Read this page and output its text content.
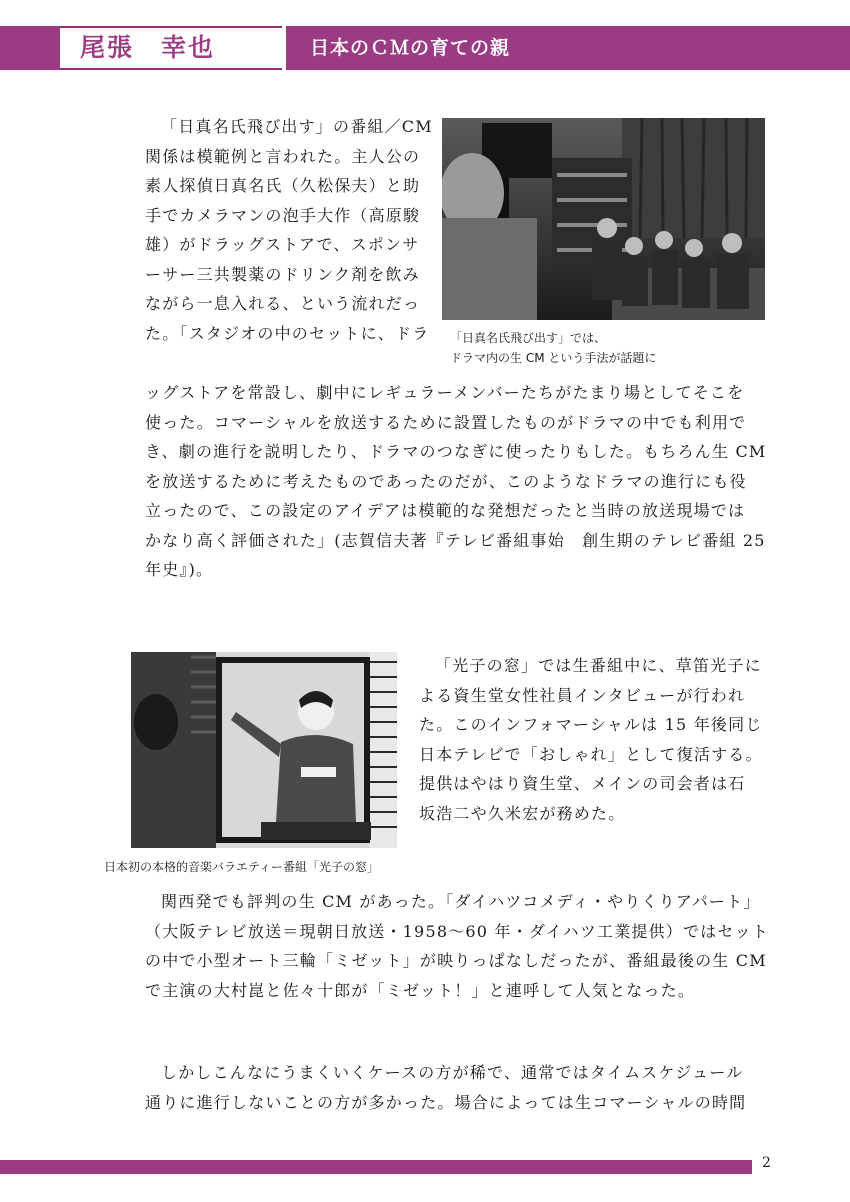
尾張　幸也	日本のＣＭの育ての親
「日真名氏飛び出す」の番組／CM
関係は模範例と言われた。主人公の
素人探偵日真名氏（久松保夫）と助
手でカメラマンの泡手大作（高原駿
雄）がドラッグストアで、スポンサ
ーサー三共製薬のドリンク剤を飲み
ながら一息入れる、という流れだっ
た。「スタジオの中のセットに、ドラ 「日真名氏飛び出す」では、
ドラマ内の生 CM という手法が話題に
ッグストアを常設し、劇中にレギュラーメンバーたちがたまり場としてそこを
使った。コマーシャルを放送するために設置したものがドラマの中でも利用で
き、劇の進行を説明したり、ドラマのつなぎに使ったりもした。もちろん生 CM
を放送するために考えたものであったのだが、このようなドラマの進行にも役
立ったので、この設定のアイデアは模範的な発想だったと当時の放送現場では
かなり高く評価された」(志賀信夫著『テレビ番組事始　創生期のテレビ番組 25
年史』)。
日本初の本格的音楽バラエティー番組「光子の窓」
「光子の窓」では生番組中に、草笛光子に
よる資生堂女性社員インタビューが行われ
た。このインフォマーシャルは 15 年後同じ
日本テレビで「おしゃれ」として復活する。
提供はやはり資生堂、メインの司会者は石
坂浩二や久米宏が務めた。
関西発でも評判の生 CM があった。「ダイハツコメディ・やりくりアパート」
（大阪テレビ放送＝現朝日放送・1958〜60 年・ダイハツ工業提供）ではセット
の中で小型オート三輪「ミゼット」が映りっぱなしだったが、番組最後の生 CM
で主演の大村崑と佐々十郎が「ミゼット！」と連呼して人気となった。
しかしこんなにうまくいくケースの方が稀で、通常ではタイムスケジュール
通りに進行しないことの方が多かった。場合によっては生コマーシャルの時間
2
